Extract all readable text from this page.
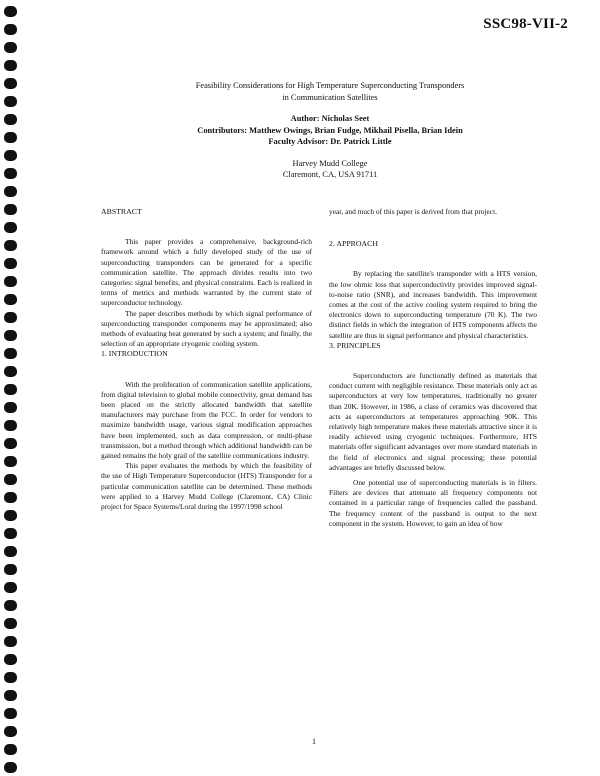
SSC98-VII-2
Feasibility Considerations for High Temperature Superconducting Transponders
in Communication Satellites
Author: Nicholas Seet
Contributors: Matthew Owings, Brian Fudge, Mikhail Pisella, Brian Idein
Faculty Advisor: Dr. Patrick Little
Harvey Mudd College
Claremont, CA, USA 91711
ABSTRACT

This paper provides a comprehensive, background-rich framework around which a fully developed study of the use of superconducting transponders can be generated for a specific communication satellite. The approach divides results into two categories: signal benefits, and physical constraints. Each is realized in terms of metrics and methods warranted by the current state of superconductor technology.

The paper describes methods by which signal performance of superconducting transponder components may be approximated; also methods of evaluating heat generated by such a system; and finally, the selection of an appropriate cryogenic cooling system.

1. INTRODUCTION

With the proliferation of communication satellite applications, from digital television to global mobile connectivity, great demand has been placed on the strictly allocated bandwidth that satellite manufacturers may purchase from the FCC. In order for vendors to maximize bandwidth usage, various signal modification approaches have been implemented, such as data compression, or multi-phase transmission, but a method through which additional bandwidth can be gained remains the holy grail of the satellite communications industry.

This paper evaluates the methods by which the feasibility of the use of High Temperature Superconductor (HTS) Transponder for a particular communication satellite can be determined. These methods were applied to a Harvey Mudd College (Claremont, CA) Clinic project for Space Systems/Loral during the 1997/1998 school

year, and much of this paper is derived from that project.

2. APPROACH

By replacing the satellite's transponder with a HTS version, the low ohmic loss that superconductivity provides improved signal-to-noise ratio (SNR), and increases bandwidth. This improvement comes at the cost of the active cooling system required to bring the electronics down to superconducting temperature (70 K). The two distinct fields in which the integration of HTS components affects the satellite are thus in signal performance and physical characteristics.

3. PRINCIPLES

Superconductors are functionally defined as materials that conduct current with negligible resistance. These materials only act as superconductors at very low temperatures, traditionally no greater than 20K. However, in 1986, a class of ceramics was discovered that acts as superconductors at temperatures approaching 90K. This relatively high temperature makes these materials attractive since it is readily achieved using cryogenic techniques. Furthermore, HTS materials offer significant advantages over more standard materials in the field of electronics and signal processing; these potential advantages are briefly discussed below.

One potential use of superconducting materials is in filters. Filters are devices that attenuate all frequency components not contained in a particular range of frequencies called the passband. The frequency content of the passband is output to the next component in the system. However, to gain an idea of how

1
